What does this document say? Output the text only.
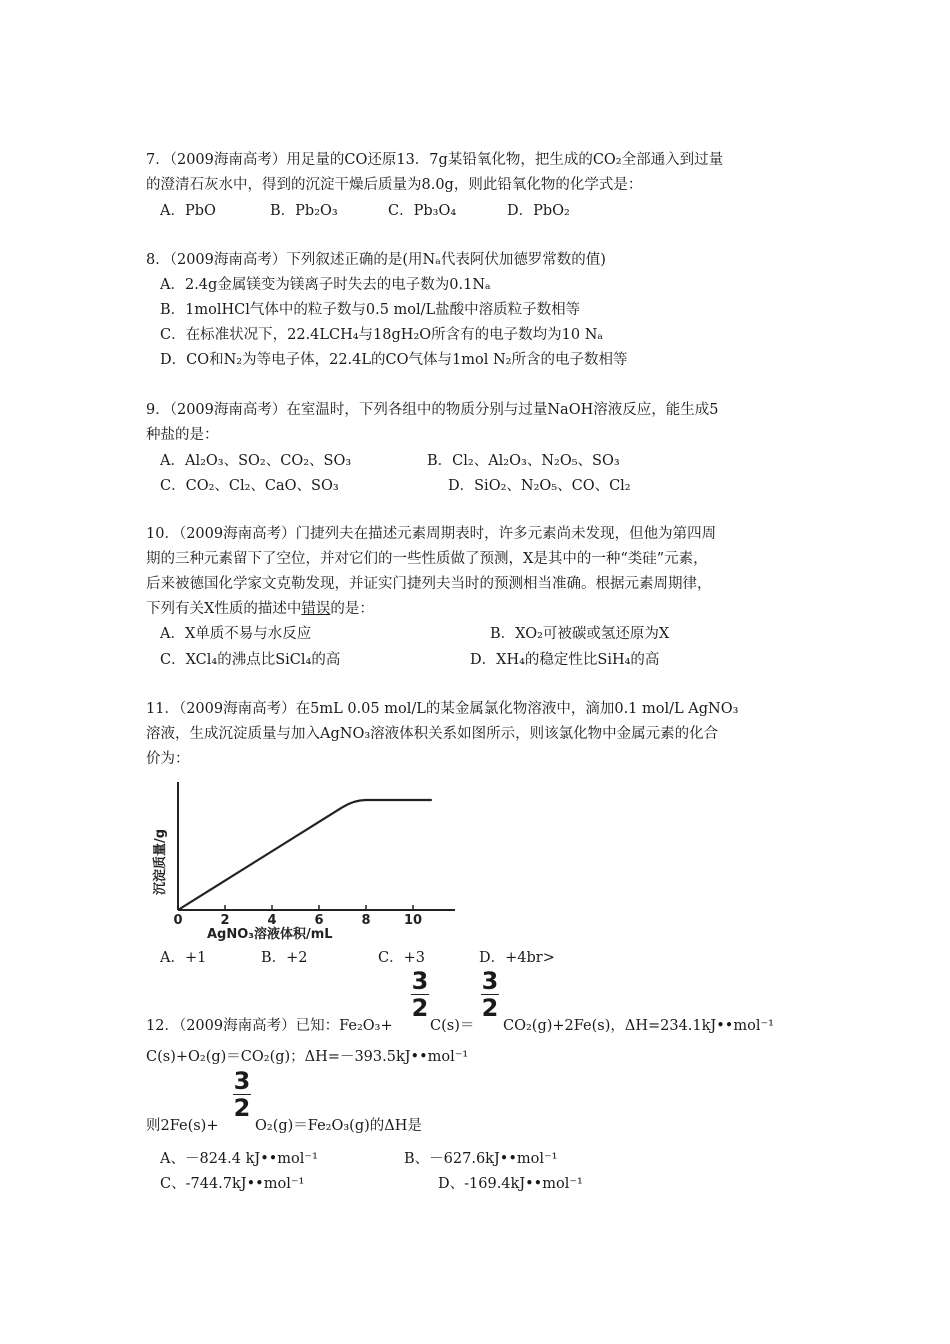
7．（2009海南高考）用足量的CO还原13．7g某铅氧化物，把生成的CO₂全部通入到过量
的澄清石灰水中，得到的沉淀干燥后质量为8.0g，则此铅氧化物的化学式是：
A．PbO	B．Pb₂O₃	C．Pb₃O₄	D．PbO₂
8．（2009海南高考）下列叙述正确的是(用Nₐ代表阿伏加德罗常数的值)
A．2.4g金属镁变为镁离子时失去的电子数为0.1Nₐ
B．1molHCl气体中的粒子数与0.5 mol/L盐酸中溶质粒子数相等
C．在标准状况下，22.4LCH₄与18gH₂O所含有的电子数均为10 Nₐ
D．CO和N₂为等电子体，22.4L的CO气体与1mol N₂所含的电子数相等
9．（2009海南高考）在室温时，下列各组中的物质分别与过量NaOH溶液反应，能生成5
种盐的是：
A．Al₂O₃、SO₂、CO₂、SO₃	B．Cl₂、Al₂O₃、N₂O₅、SO₃
C．CO₂、Cl₂、CaO、SO₃	D．SiO₂、N₂O₅、CO、Cl₂
10．（2009海南高考）门捷列夫在描述元素周期表时，许多元素尚未发现，但他为第四周
期的三种元素留下了空位，并对它们的一些性质做了预测，X是其中的一种“类硅”元素，
后来被德国化学家文克勒发现，并证实门捷列夫当时的预测相当准确。根据元素周期律，
下列有关X性质的描述中错误的是：
A．X单质不易与水反应	B．XO₂可被碳或氢还原为X
C．XCl₄的沸点比SiCl₄的高	D．XH₄的稳定性比SiH₄的高
11．（2009海南高考）在5mL 0.05 mol/L的某金属氯化物溶液中，滴加0.1 mol/L AgNO₃
溶液，生成沉淀质量与加入AgNO₃溶液体积关系如图所示，则该氯化物中金属元素的化合
价为：
0	2	4	6	8	10
AgNO₃溶液体积/mL
沉淀质量/g
A．+1	B．+2	C．+3	D．+4br>
3
2
3
2
12．（2009海南高考）已知：Fe₂O₃+	C(s)＝ CO₂(g)+2Fe(s)，ΔH=234.1kJ••mol⁻¹
C(s)+O₂(g)＝CO₂(g)；ΔH=－393.5kJ••mol⁻¹
3
2
则2Fe(s)+	O₂(g)＝Fe₂O₃(g)的ΔH是
A、－824.4 kJ••mol⁻¹	B、－627.6kJ••mol⁻¹
C、-744.7kJ••mol⁻¹	D、-169.4kJ••mol⁻¹
